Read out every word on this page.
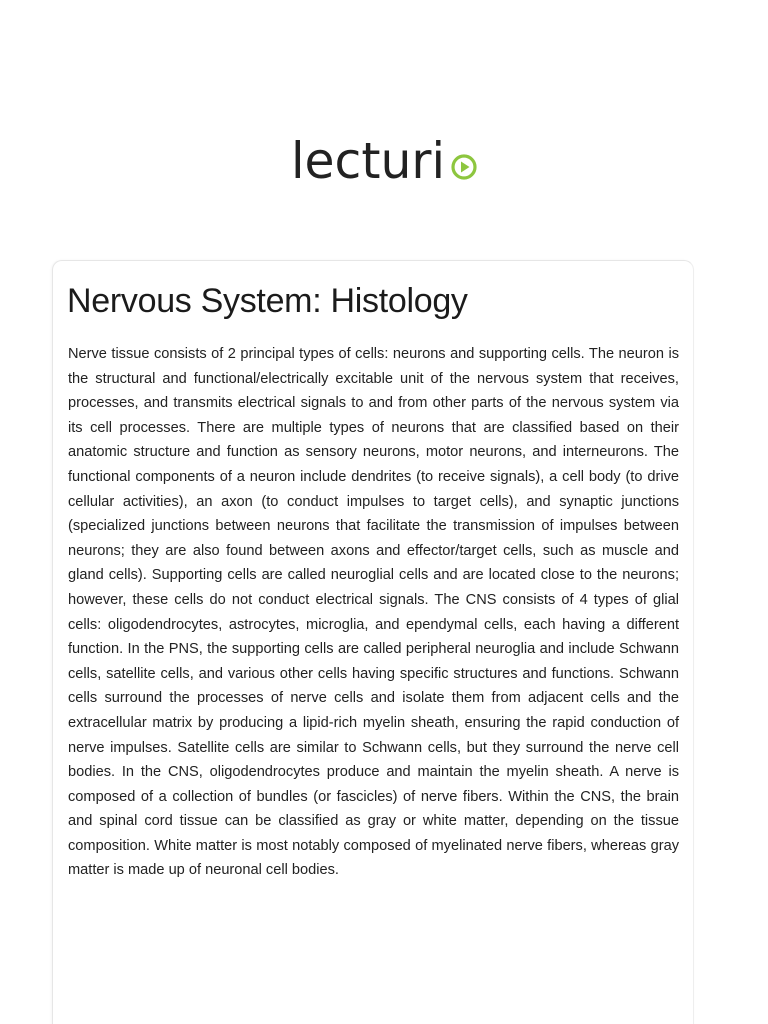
lecturi
Nervous System: Histology

Nerve tissue consists of 2 principal types of cells: neurons and supporting cells. The neuron is the structural and functional/electrically excitable unit of the nervous system that receives, processes, and transmits electrical signals to and from other parts of the nervous system via its cell processes. There are multiple types of neurons that are classified based on their anatomic structure and function as sensory neurons, motor neurons, and interneurons. The functional components of a neuron include dendrites (to receive signals), a cell body (to drive cellular activities), an axon (to conduct impulses to target cells), and synaptic junctions (specialized junctions between neurons that facilitate the transmission of impulses between neurons; they are also found between axons and effector/target cells, such as muscle and gland cells). Supporting cells are called neuroglial cells and are located close to the neurons; however, these cells do not conduct electrical signals. The CNS consists of 4 types of glial cells: oligodendrocytes, astrocytes, microglia, and ependymal cells, each having a different function. In the PNS, the supporting cells are called peripheral neuroglia and include Schwann cells, satellite cells, and various other cells having specific structures and functions. Schwann cells surround the processes of nerve cells and isolate them from adjacent cells and the extracellular matrix by producing a lipid-rich myelin sheath, ensuring the rapid conduction of nerve impulses. Satellite cells are similar to Schwann cells, but they surround the nerve cell bodies. In the CNS, oligodendrocytes produce and maintain the myelin sheath. A nerve is composed of a collection of bundles (or fascicles) of nerve fibers. Within the CNS, the brain and spinal cord tissue can be classified as gray or white matter, depending on the tissue composition. White matter is most notably composed of myelinated nerve fibers, whereas gray matter is made up of neuronal cell bodies.
